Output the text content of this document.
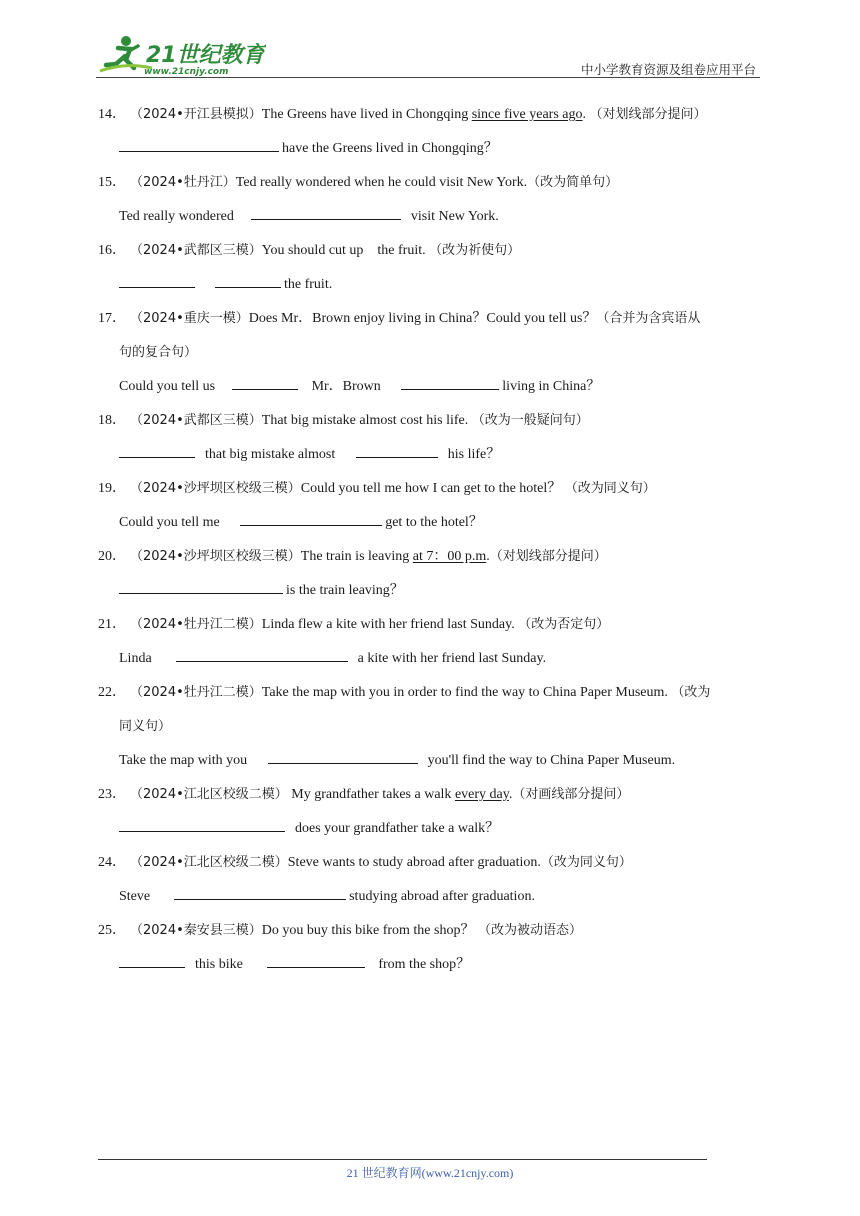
21世纪教育
www.21cnjy.com	中小学教育资源及组卷应用平台
14． （2024•开江县模拟）The Greens have lived in Chongqing since five years ago. （对划线部分提问）
have the Greens lived in Chongqing？
15． （2024•牡丹江）Ted really wondered when he could visit New York.（改为简单句）
Ted really wondered	visit New York.
16． （2024•武都区三模）You should cut up    the fruit. （改为祈使句）
the fruit.
17． （2024•重庆一模）Does Mr．Brown enjoy living in China？Could you tell us？（合并为含宾语从
句的复合句）
Could you tell us	Mr．Brown	living in China？
18． （2024•武都区三模）That big mistake almost cost his life. （改为一般疑问句）
that big mistake almost	his life？
19． （2024•沙坪坝区校级三模）Could you tell me how I can get to the hotel？ （改为同义句）
Could you tell me	get to the hotel？
20． （2024•沙坪坝区校级三模）The train is leaving at 7：00 p.m.（对划线部分提问）
is the train leaving？
21． （2024•牡丹江二模）Linda flew a kite with her friend last Sunday. （改为否定句）
Linda	a kite with her friend last Sunday.
22． （2024•牡丹江二模）Take the map with you in order to find the way to China Paper Museum. （改为
同义句）
Take the map with you	you'll find the way to China Paper Museum.
23． （2024•江北区校级二模） My grandfather takes a walk every day.（对画线部分提问）
does your grandfather take a walk？
24． （2024•江北区校级二模）Steve wants to study abroad after graduation.（改为同义句）
Steve	studying abroad after graduation.
25． （2024•秦安县三模）Do you buy this bike from the shop？ （改为被动语态）
this bike	from the shop？
21 世纪教育网(www.21cnjy.com)
